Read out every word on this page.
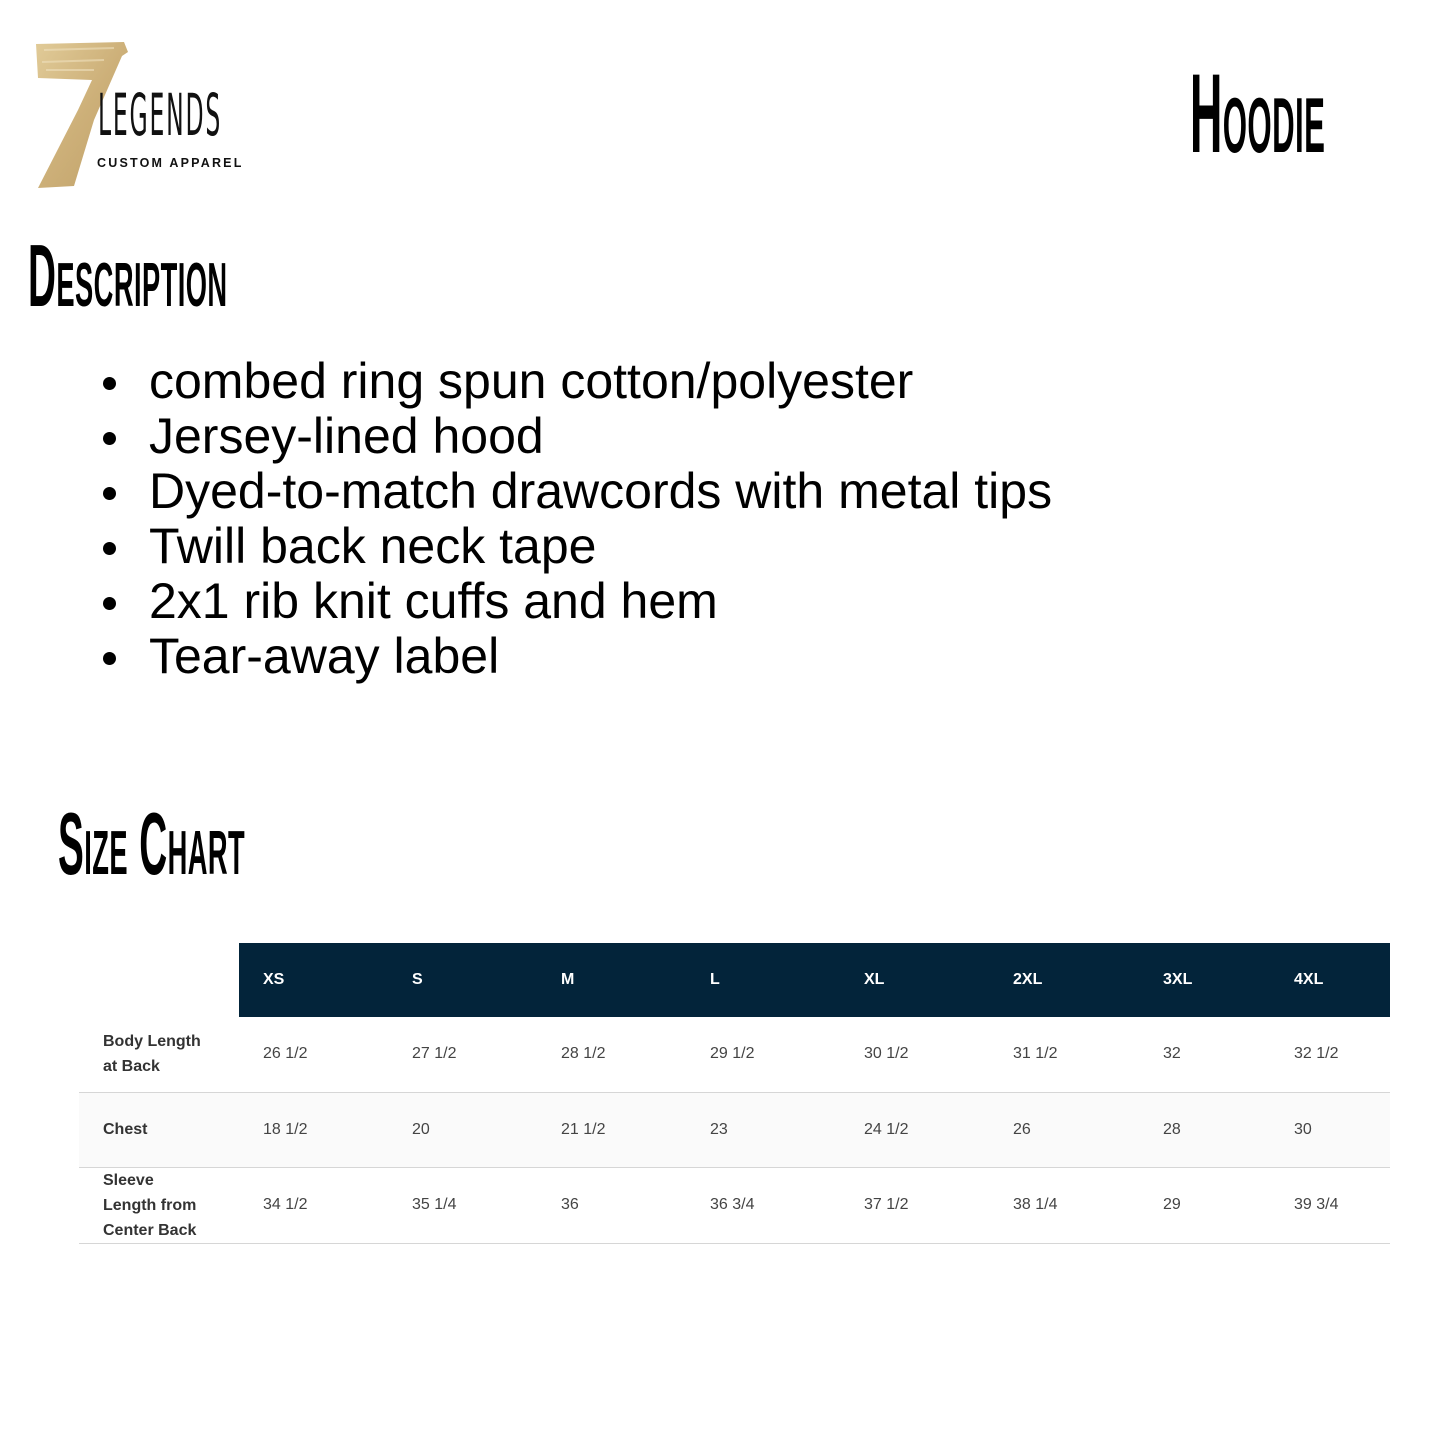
LEGENDS
CUSTOM APPAREL	Hoodie
Description
combed ring spun cotton/polyester
Jersey-lined hood
Dyed-to-match drawcords with metal tips
Twill back neck tape
2x1 rib knit cuffs and hem
Tear-away label
Size Chart
	XS	S	M	L	XL	2XL	3XL	4XL
Body Length
at Back	26 1/2	27 1/2	28 1/2	29 1/2	30 1/2	31 1/2	32	32 1/2
Chest	18 1/2	20	21 1/2	23	24 1/2	26	28	30
Sleeve
Length from
Center Back	34 1/2	35 1/4	36	36 3/4	37 1/2	38 1/4	29	39 3/4
